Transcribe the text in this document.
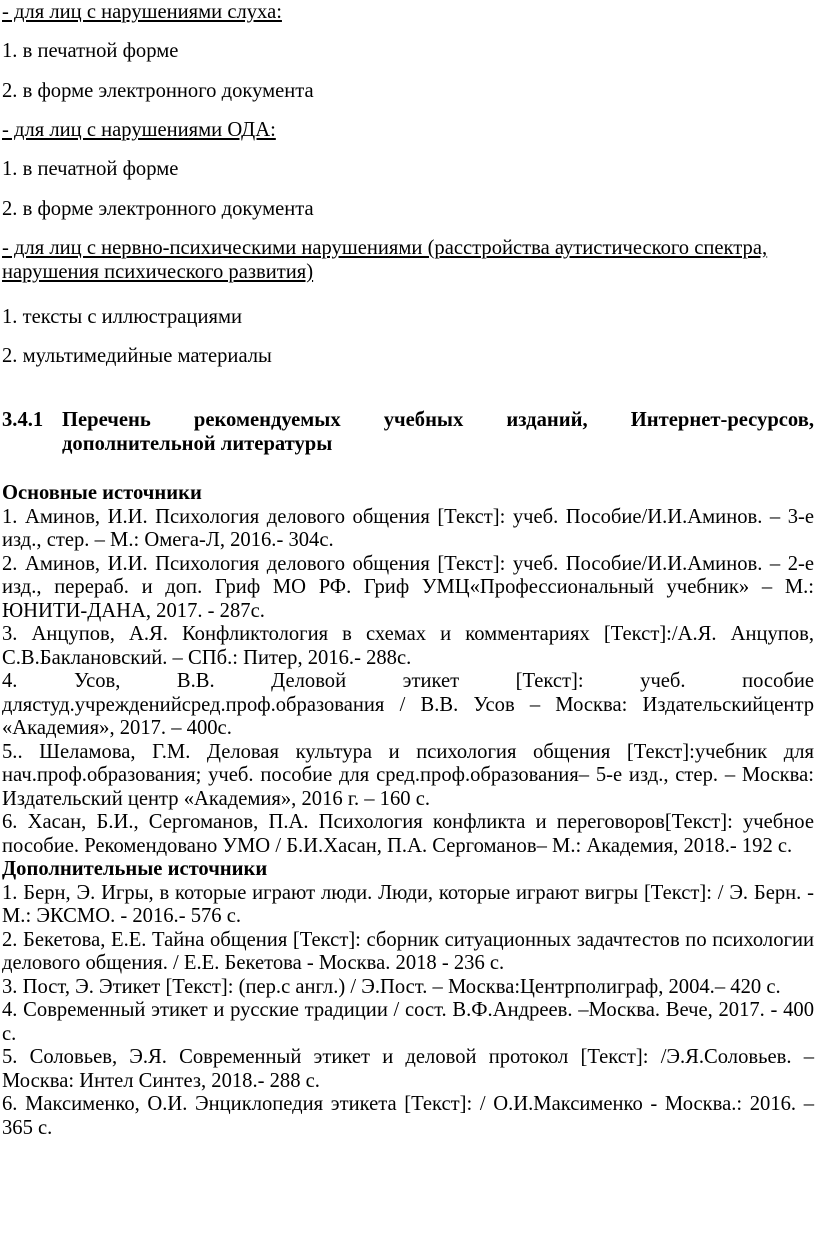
- для лиц с нарушениями слуха:

1. в печатной форме

2. в форме электронного документа

- для лиц с нарушениями ОДА:

1. в печатной форме

2. в форме электронного документа

- для лиц с нервно-психическими нарушениями (расстройства аутистического спектра, нарушения психического развития)

1. тексты с иллюстрациями

2. мультимедийные материалы

3.4.1 Перечень рекомендуемых учебных изданий, Интернет-ресурсов, дополнительной литературы

Основные источники

1. Аминов, И.И. Психология делового общения [Текст]: учеб. Пособие/И.И.Аминов. – 3-е изд., стер. – М.: Омега-Л, 2016.- 304с.

2. Аминов, И.И. Психология делового общения [Текст]: учеб. Пособие/И.И.Аминов. – 2-е изд., перераб. и доп. Гриф МО РФ. Гриф УМЦ«Профессиональный учебник» – М.: ЮНИТИ-ДАНА, 2017. - 287с.

3. Анцупов, А.Я. Конфликтология в схемах и комментариях [Текст]:/А.Я. Анцупов, С.В.Баклановский. – СПб.: Питер, 2016.- 288с.

4. Усов, В.В. Деловой этикет [Текст]: учеб. пособие длястуд.учрежденийсред.проф.образования / В.В. Усов – Москва: Издательскийцентр «Академия», 2017. – 400с.

5.. Шеламова, Г.М. Деловая культура и психология общения [Текст]:учебник для нач.проф.образования; учеб. пособие для сред.проф.образования– 5-е изд., стер. – Москва: Издательский центр «Академия», 2016 г. – 160 с.

6. Хасан, Б.И., Сергоманов, П.А. Психология конфликта и переговоров[Текст]: учебное пособие. Рекомендовано УМО / Б.И.Хасан, П.А. Сергоманов– М.: Академия, 2018.- 192 с.

Дополнительные источники

1. Берн, Э. Игры, в которые играют люди. Люди, которые играют вигры [Текст]: / Э. Берн. - М.: ЭКСМО. - 2016.- 576 с.

2. Бекетова, Е.Е. Тайна общения [Текст]: сборник ситуационных задачтестов по психологии делового общения. / Е.Е. Бекетова - Москва. 2018 - 236 с.

3. Пост, Э. Этикет [Текст]: (пер.с англ.) / Э.Пост. – Москва:Центрполиграф, 2004.– 420 с.

4. Современный этикет и русские традиции / сост. В.Ф.Андреев. –Москва. Вече, 2017. - 400 с.

5. Соловьев, Э.Я. Современный этикет и деловой протокол [Текст]: /Э.Я.Соловьев. – Москва: Интел Синтез, 2018.- 288 с.

6. Максименко, О.И. Энциклопедия этикета [Текст]: / О.И.Максименко - Москва.: 2016. – 365 с.
